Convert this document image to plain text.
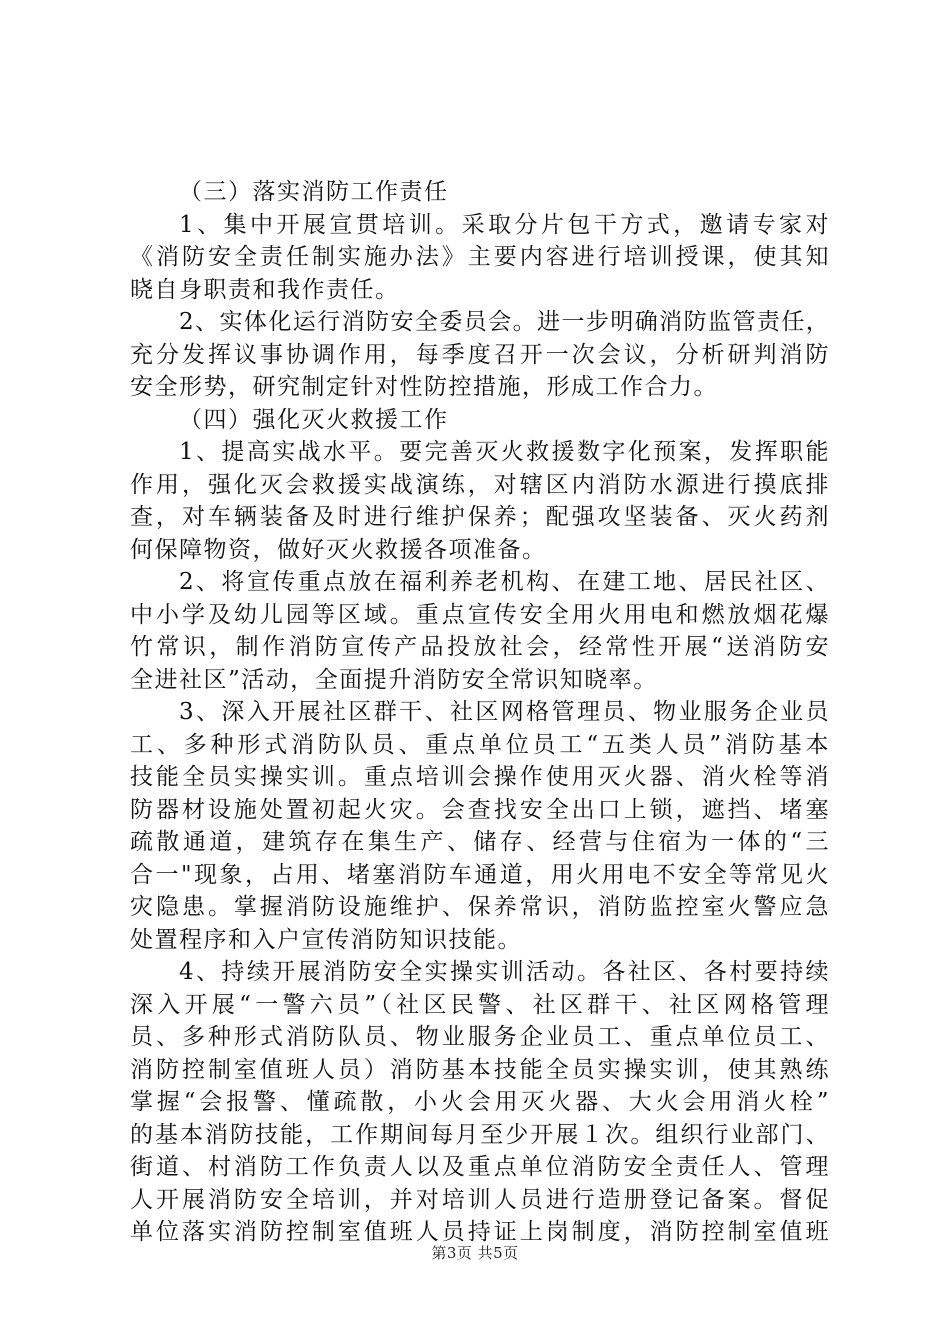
（三）落实消防工作责任
1、集中开展宣贯培训。采取分片包干方式，邀请专家对
《消防安全责任制实施办法》主要内容进行培训授课，使其知
晓自身职责和我作责任。
2、实体化运行消防安全委员会。进一步明确消防监管责任，
充分发挥议事协调作用，每季度召开一次会议，分析研判消防
安全形势，研究制定针对性防控措施，形成工作合力。
（四）强化灭火救援工作
1、提高实战水平。要完善灭火救援数字化预案，发挥职能
作用，强化灭会救援实战演练，对辖区内消防水源进行摸底排
查，对车辆装备及时进行维护保养；配强攻坚装备、灭火药剂
何保障物资，做好灭火救援各项准备。
2、将宣传重点放在福利养老机构、在建工地、居民社区、
中小学及幼儿园等区域。重点宣传安全用火用电和燃放烟花爆
竹常识，制作消防宣传产品投放社会，经常性开展“送消防安
全进社区”活动，全面提升消防安全常识知晓率。
3、深入开展社区群干、社区网格管理员、物业服务企业员
工、多种形式消防队员、重点单位员工“五类人员”消防基本
技能全员实操实训。重点培训会操作使用灭火器、消火栓等消
防器材设施处置初起火灾。会查找安全出口上锁，遮挡、堵塞
疏散通道，建筑存在集生产、储存、经营与住宿为一体的“三
合一"现象，占用、堵塞消防车通道，用火用电不安全等常见火
灾隐患。掌握消防设施维护、保养常识，消防监控室火警应急
处置程序和入户宣传消防知识技能。
4、持续开展消防安全实操实训活动。各社区、各村要持续
深入开展“一警六员”（社区民警、社区群干、社区网格管理
员、多种形式消防队员、物业服务企业员工、重点单位员工、
消防控制室值班人员）消防基本技能全员实操实训，使其熟练
掌握“会报警、懂疏散，小火会用灭火器、大火会用消火栓”
的基本消防技能，工作期间每月至少开展１次。组织行业部门、
街道、村消防工作负责人以及重点单位消防安全责任人、管理
人开展消防安全培训，并对培训人员进行造册登记备案。督促
单位落实消防控制室值班人员持证上岗制度，消防控制室值班
第3页 共5页
